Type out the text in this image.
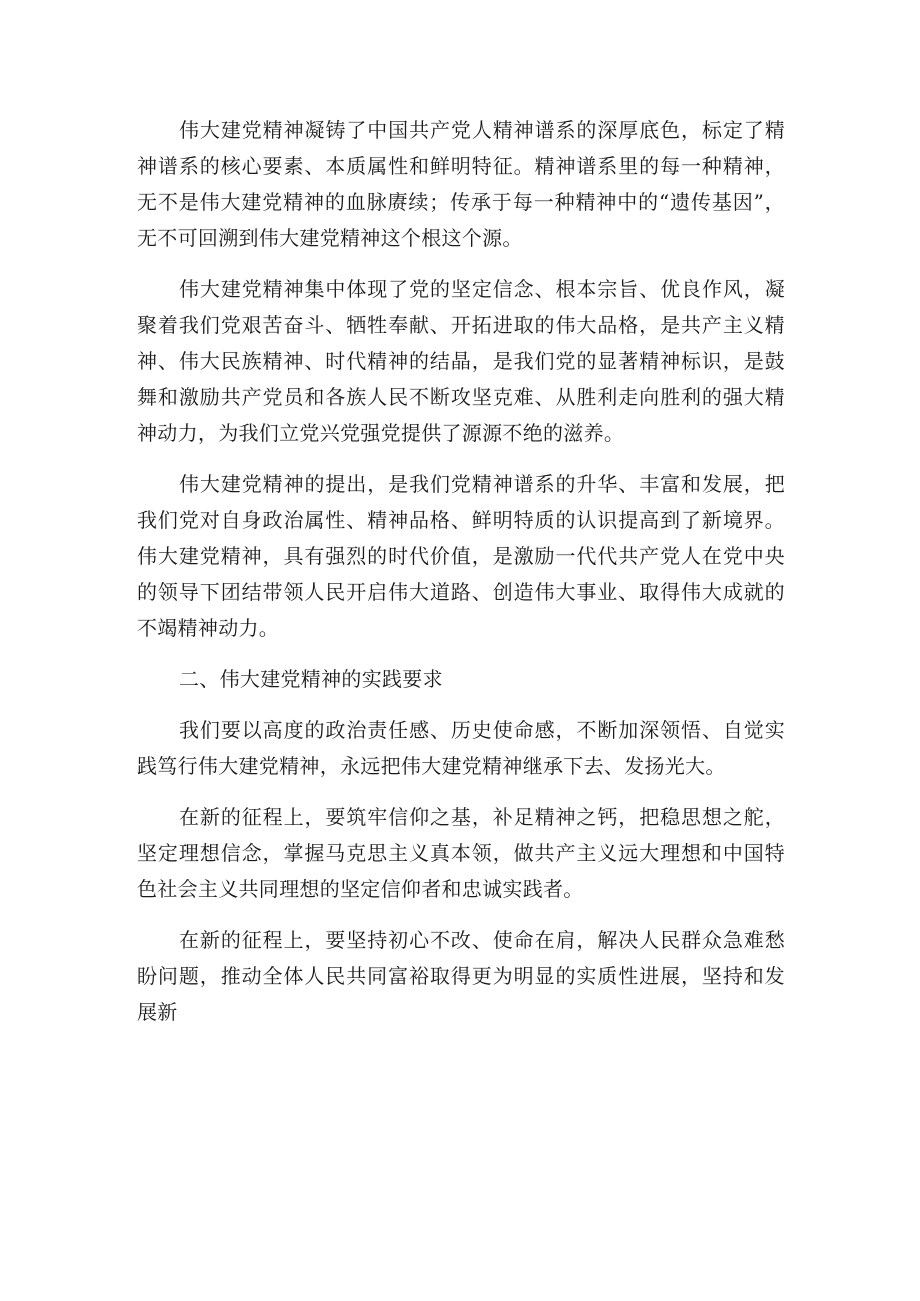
伟大建党精神凝铸了中国共产党人精神谱系的深厚底色，标定了精神谱系的核心要素、本质属性和鲜明特征。精神谱系里的每一种精神，无不是伟大建党精神的血脉赓续；传承于每一种精神中的“遗传基因”，无不可回溯到伟大建党精神这个根这个源。

伟大建党精神集中体现了党的坚定信念、根本宗旨、优良作风，凝聚着我们党艰苦奋斗、牺牲奉献、开拓进取的伟大品格，是共产主义精神、伟大民族精神、时代精神的结晶，是我们党的显著精神标识，是鼓舞和激励共产党员和各族人民不断攻坚克难、从胜利走向胜利的强大精神动力，为我们立党兴党强党提供了源源不绝的滋养。

伟大建党精神的提出，是我们党精神谱系的升华、丰富和发展，把我们党对自身政治属性、精神品格、鲜明特质的认识提高到了新境界。伟大建党精神，具有强烈的时代价值，是激励一代代共产党人在党中央的领导下团结带领人民开启伟大道路、创造伟大事业、取得伟大成就的不竭精神动力。

二、伟大建党精神的实践要求

我们要以高度的政治责任感、历史使命感，不断加深领悟、自觉实践笃行伟大建党精神，永远把伟大建党精神继承下去、发扬光大。

在新的征程上，要筑牢信仰之基，补足精神之钙，把稳思想之舵，坚定理想信念，掌握马克思主义真本领，做共产主义远大理想和中国特色社会主义共同理想的坚定信仰者和忠诚实践者。

在新的征程上，要坚持初心不改、使命在肩，解决人民群众急难愁盼问题，推动全体人民共同富裕取得更为明显的实质性进展，坚持和发展新
